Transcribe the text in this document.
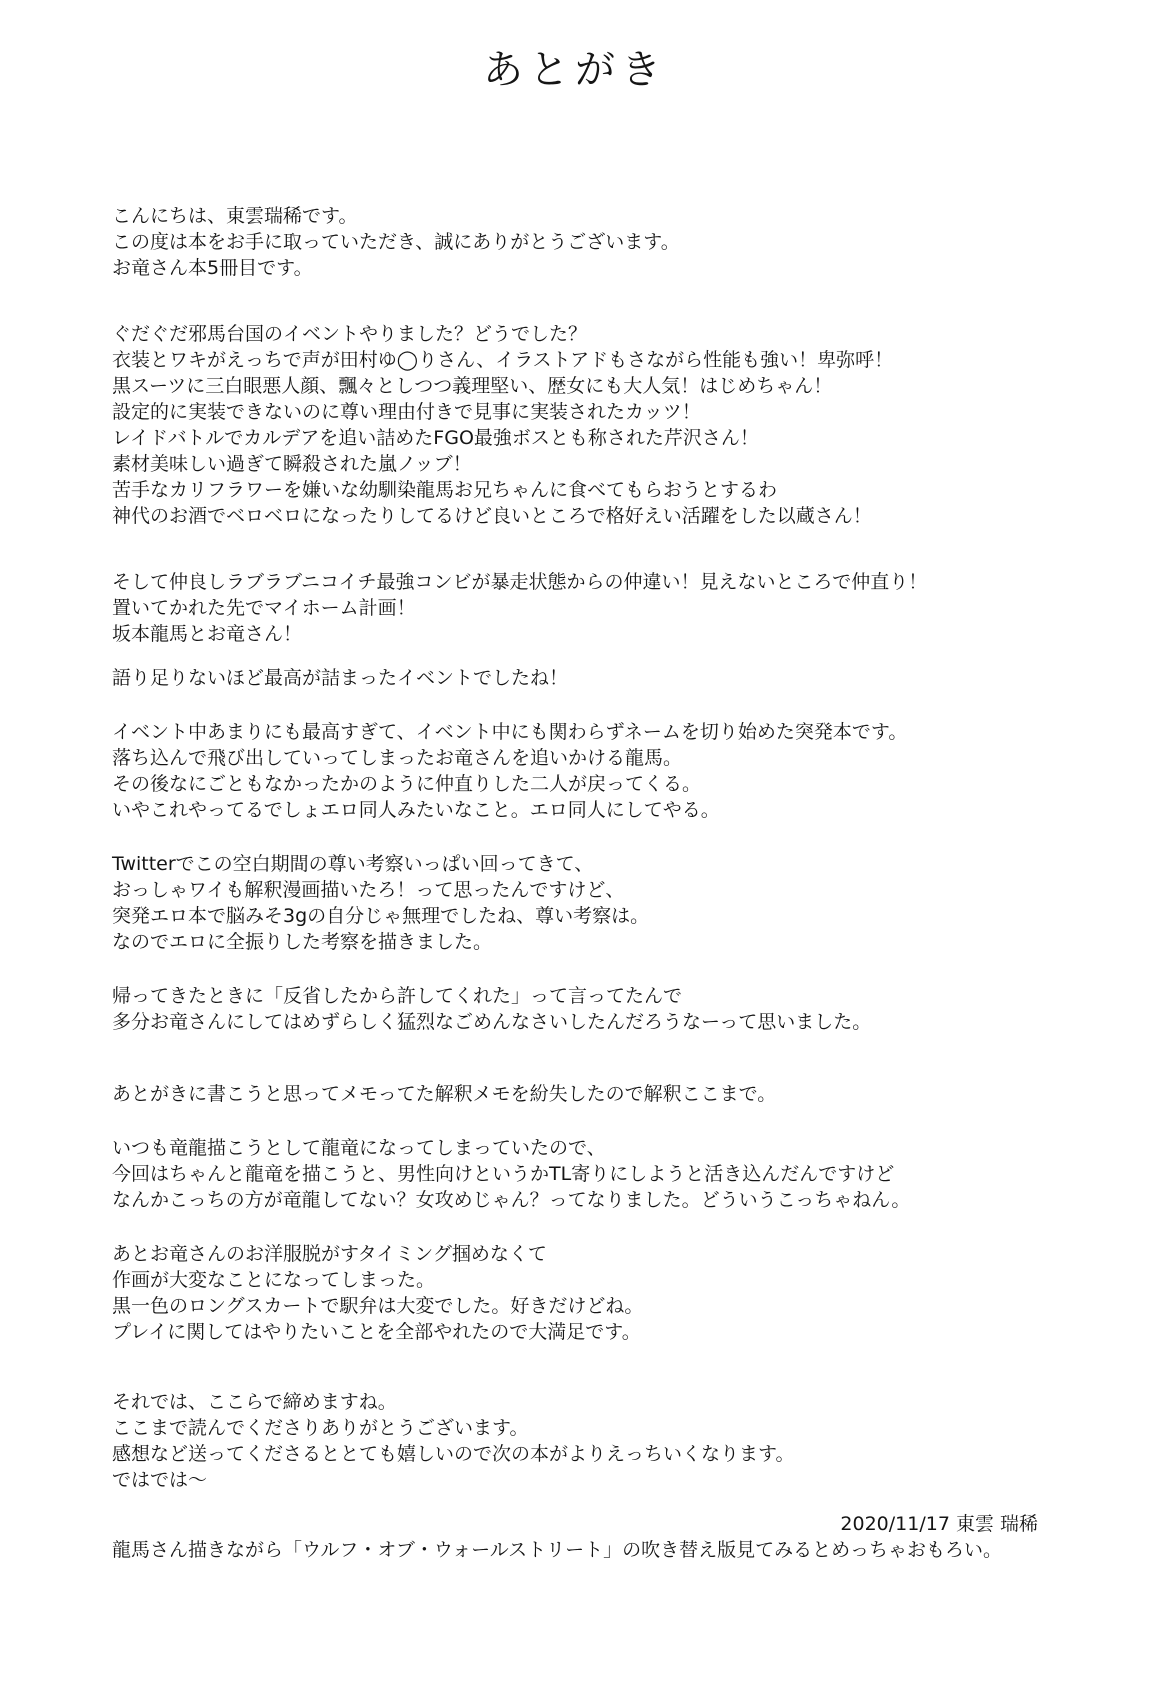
あとがき
こんにちは、東雲瑞稀です。
この度は本をお手に取っていただき、誠にありがとうございます。
お竜さん本5冊目です。
ぐだぐだ邪馬台国のイベントやりました？どうでした？
衣装とワキがえっちで声が田村ゆ◯りさん、イラストアドもさながら性能も強い！卑弥呼！
黒スーツに三白眼悪人顔、飄々としつつ義理堅い、歴女にも大人気！はじめちゃん！
設定的に実装できないのに尊い理由付きで見事に実装されたカッツ！
レイドバトルでカルデアを追い詰めたFGO最強ボスとも称された芹沢さん！
素材美味しい過ぎて瞬殺された嵐ノッブ！
苦手なカリフラワーを嫌いな幼馴染龍馬お兄ちゃんに食べてもらおうとするわ
神代のお酒でベロベロになったりしてるけど良いところで格好えい活躍をした以蔵さん！
そして仲良しラブラブニコイチ最強コンビが暴走状態からの仲違い！見えないところで仲直り！
置いてかれた先でマイホーム計画！
坂本龍馬とお竜さん！
語り足りないほど最高が詰まったイベントでしたね！
イベント中あまりにも最高すぎて、イベント中にも関わらずネームを切り始めた突発本です。
落ち込んで飛び出していってしまったお竜さんを追いかける龍馬。
その後なにごともなかったかのように仲直りした二人が戻ってくる。
いやこれやってるでしょエロ同人みたいなこと。エロ同人にしてやる。
Twitterでこの空白期間の尊い考察いっぱい回ってきて、
おっしゃワイも解釈漫画描いたろ！って思ったんですけど、
突発エロ本で脳みそ3gの自分じゃ無理でしたね、尊い考察は。
なのでエロに全振りした考察を描きました。
帰ってきたときに「反省したから許してくれた」って言ってたんで
多分お竜さんにしてはめずらしく猛烈なごめんなさいしたんだろうなーって思いました。
あとがきに書こうと思ってメモってた解釈メモを紛失したので解釈ここまで。
いつも竜龍描こうとして龍竜になってしまっていたので、
今回はちゃんと龍竜を描こうと、男性向けというかTL寄りにしようと活き込んだんですけど
なんかこっちの方が竜龍してない？女攻めじゃん？ってなりました。どういうこっちゃねん。
あとお竜さんのお洋服脱がすタイミング掴めなくて
作画が大変なことになってしまった。
黒一色のロングスカートで駅弁は大変でした。好きだけどね。
プレイに関してはやりたいことを全部やれたので大満足です。
それでは、ここらで締めますね。
ここまで読んでくださりありがとうございます。
感想など送ってくださるととても嬉しいので次の本がよりえっちいくなります。
ではでは〜
2020/11/17 東雲 瑞稀
龍馬さん描きながら「ウルフ・オブ・ウォールストリート」の吹き替え版見てみるとめっちゃおもろい。
